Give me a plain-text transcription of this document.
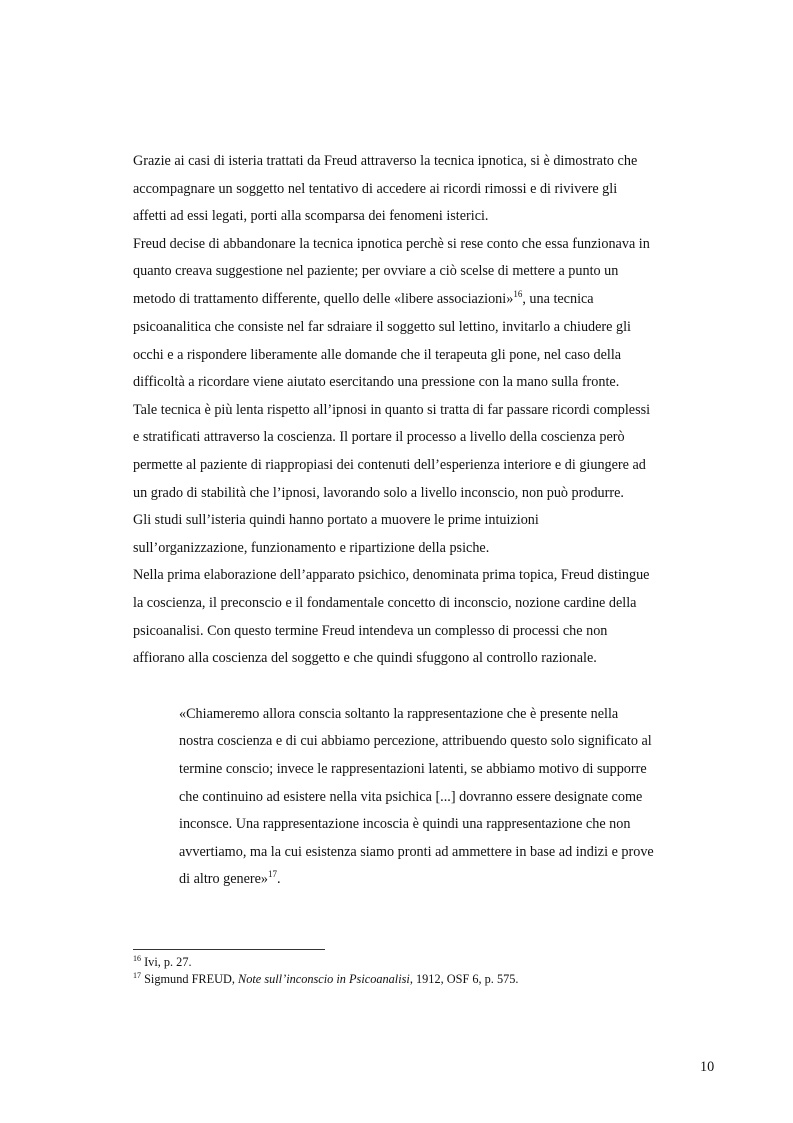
Grazie ai casi di isteria trattati da Freud attraverso la tecnica ipnotica, si è dimostrato che
accompagnare un soggetto nel tentativo di accedere ai ricordi rimossi e di rivivere gli
affetti ad essi legati, porti alla scomparsa dei fenomeni isterici.
Freud decise di abbandonare la tecnica ipnotica perchè si rese conto che essa funzionava in
quanto creava suggestione nel paziente; per ovviare a ciò scelse di mettere a punto un
metodo di trattamento differente, quello delle «libere associazioni»$^{16}$, una tecnica
psicoanalitica che consiste nel far sdraiare il soggetto sul lettino, invitarlo a chiudere gli
occhi e a rispondere liberamente alle domande che il terapeuta gli pone, nel caso della
difficoltà a ricordare viene aiutato esercitando una pressione con la mano sulla fronte.
Tale tecnica è più lenta rispetto all’ipnosi in quanto si tratta di far passare ricordi complessi
e stratificati attraverso la coscienza. Il portare il processo a livello della coscienza però
permette al paziente di riappropiasi dei contenuti dell’esperienza interiore e di giungere ad
un grado di stabilità che l’ipnosi, lavorando solo a livello inconscio, non può produrre.
Gli studi sull’isteria quindi hanno portato a muovere le prime intuizioni
sull’organizzazione, funzionamento e ripartizione della psiche.
Nella prima elaborazione dell’apparato psichico, denominata prima topica, Freud distingue
la coscienza, il preconscio e il fondamentale concetto di inconscio, nozione cardine della
psicoanalisi. Con questo termine Freud intendeva un complesso di processi che non
affiorano alla coscienza del soggetto e che quindi sfuggono al controllo razionale.
«Chiameremo allora conscia soltanto la rappresentazione che è presente nella
nostra coscienza e di cui abbiamo percezione, attribuendo questo solo significato al
termine conscio; invece le rappresentazioni latenti, se abbiamo motivo di supporre
che continuino ad esistere nella vita psichica [...] dovranno essere designate come
inconsce. Una rappresentazione incoscia è quindi una rappresentazione che non
avvertiamo, ma la cui esistenza siamo pronti ad ammettere in base ad indizi e prove
di altro genere»$^{17}$.
$^{16}$ Ivi, p. 27.
$^{17}$ Sigmund FREUD, Note sull’inconscio in Psicoanalisi, 1912, OSF 6, p. 575.
10
